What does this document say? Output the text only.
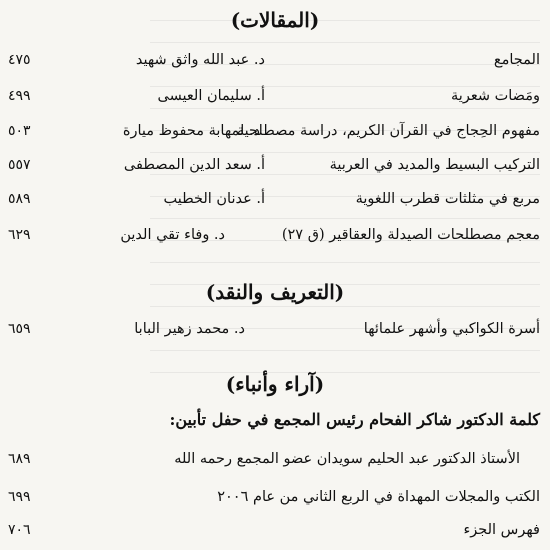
(المقالات)
المجامع
د. عبد الله واثق شهيد
٤٧٥
ومَضات شعرية
أ. سليمان العيسى
٤٩٩
مفهوم الحِجاج في القرآن الكريم، دراسة مصطلحية
د. لمهابة محفوظ ميارة
٥٠٣
التركيب البسيط والمديد في العربية
أ. سعد الدين المصطفى
٥٥٧
مربع في مثلثات قطرب اللغوية
أ. عدنان الخطيب
٥٨٩
معجم مصطلحات الصيدلة والعقاقير (ق ٢٧)
د. وفاء تقي الدين
٦٢٩
(التعريف والنقد)
أسرة الكواكبي وأشهر علمائها
د. محمد زهير البابا
٦٥٩
(آراء وأنباء)
كلمة الدكتور شاكر الفحام رئيس المجمع في حفل تأبين:
الأستاذ الدكتور عبد الحليم سويدان عضو المجمع رحمه الله
٦٨٩
الكتب والمجلات المهداة في الربع الثاني من عام ٢٠٠٦
٦٩٩
فهرس الجزء
٧٠٦
